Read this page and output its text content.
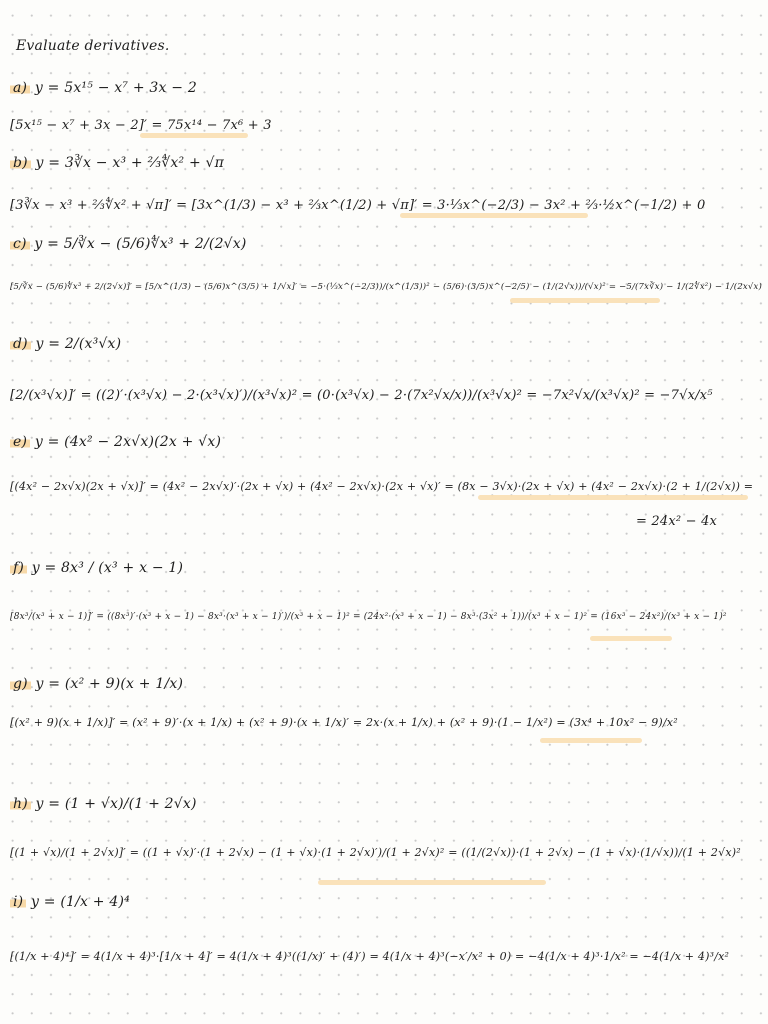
Evaluate derivatives.

a) y = 5x¹⁵ − x⁷ + 3x − 2

[5x¹⁵ − x⁷ + 3x − 2]′ = 75x¹⁴ − 7x⁶ + 3

b) y = 3∛x − x³ + ⅔∜x² + √π

[3∛x − x³ + ⅔∜x² + √π]′ = [3x^(1/3) − x³ + ⅔x^(1/2) + √π]′ = 3·⅓x^(−2/3) − 3x² + ⅔·½x^(−1/2) + 0

c) y = 5/∛x − (5/6)∜x³ + 2/(2√x)

[5/∛x − (5/6)∜x³ + 2/(2√x)]′ = [5/x^(1/3) − (5/6)x^(3/5) + 1/√x]′ = −5·(⅓x^(−2/3))/(x^(1/3))² − (5/6)·(3/5)x^(−2/5) − (1/(2√x))/(√x)² = −5/(7x∛x) − 1/(2∜x²) − 1/(2x√x)

d) y = 2/(x³√x)

[2/(x³√x)]′ = ((2)′·(x³√x) − 2·(x³√x)′)/(x³√x)² = (0·(x³√x) − 2·(7x²√x/x))/(x³√x)² = −7x²√x/(x³√x)² = −7√x/x⁵

e) y = (4x² − 2x√x)(2x + √x)

[(4x² − 2x√x)(2x + √x)]′ = (4x² − 2x√x)′·(2x + √x) + (4x² − 2x√x)·(2x + √x)′ = (8x − 3√x)·(2x + √x) + (4x² − 2x√x)·(2 + 1/(2√x)) =

= 24x² − 4x

f) y = 8x³ / (x³ + x − 1)

[8x³/(x³ + x − 1)]′ = ((8x³)′·(x³ + x − 1) − 8x³·(x³ + x − 1)′)/(x³ + x − 1)² = (24x²·(x³ + x − 1) − 8x³·(3x² + 1))/(x³ + x − 1)² = (16x³ − 24x²)/(x³ + x − 1)²

g) y = (x² + 9)(x + 1/x)

[(x² + 9)(x + 1/x)]′ = (x² + 9)′·(x + 1/x) + (x² + 9)·(x + 1/x)′ = 2x·(x + 1/x) + (x² + 9)·(1 − 1/x²) = (3x⁴ + 10x² − 9)/x²

h) y = (1 + √x)/(1 + 2√x)

[(1 + √x)/(1 + 2√x)]′ = ((1 + √x)′·(1 + 2√x) − (1 + √x)·(1 + 2√x)′)/(1 + 2√x)² = ((1/(2√x))·(1 + 2√x) − (1 + √x)·(1/√x))/(1 + 2√x)²

i) y = (1/x + 4)⁴

[(1/x + 4)⁴]′ = 4(1/x + 4)³·[1/x + 4]′ = 4(1/x + 4)³((1/x)′ + (4)′) = 4(1/x + 4)³(−x′/x² + 0) = −4(1/x + 4)³·1/x² = −4(1/x + 4)³/x²
